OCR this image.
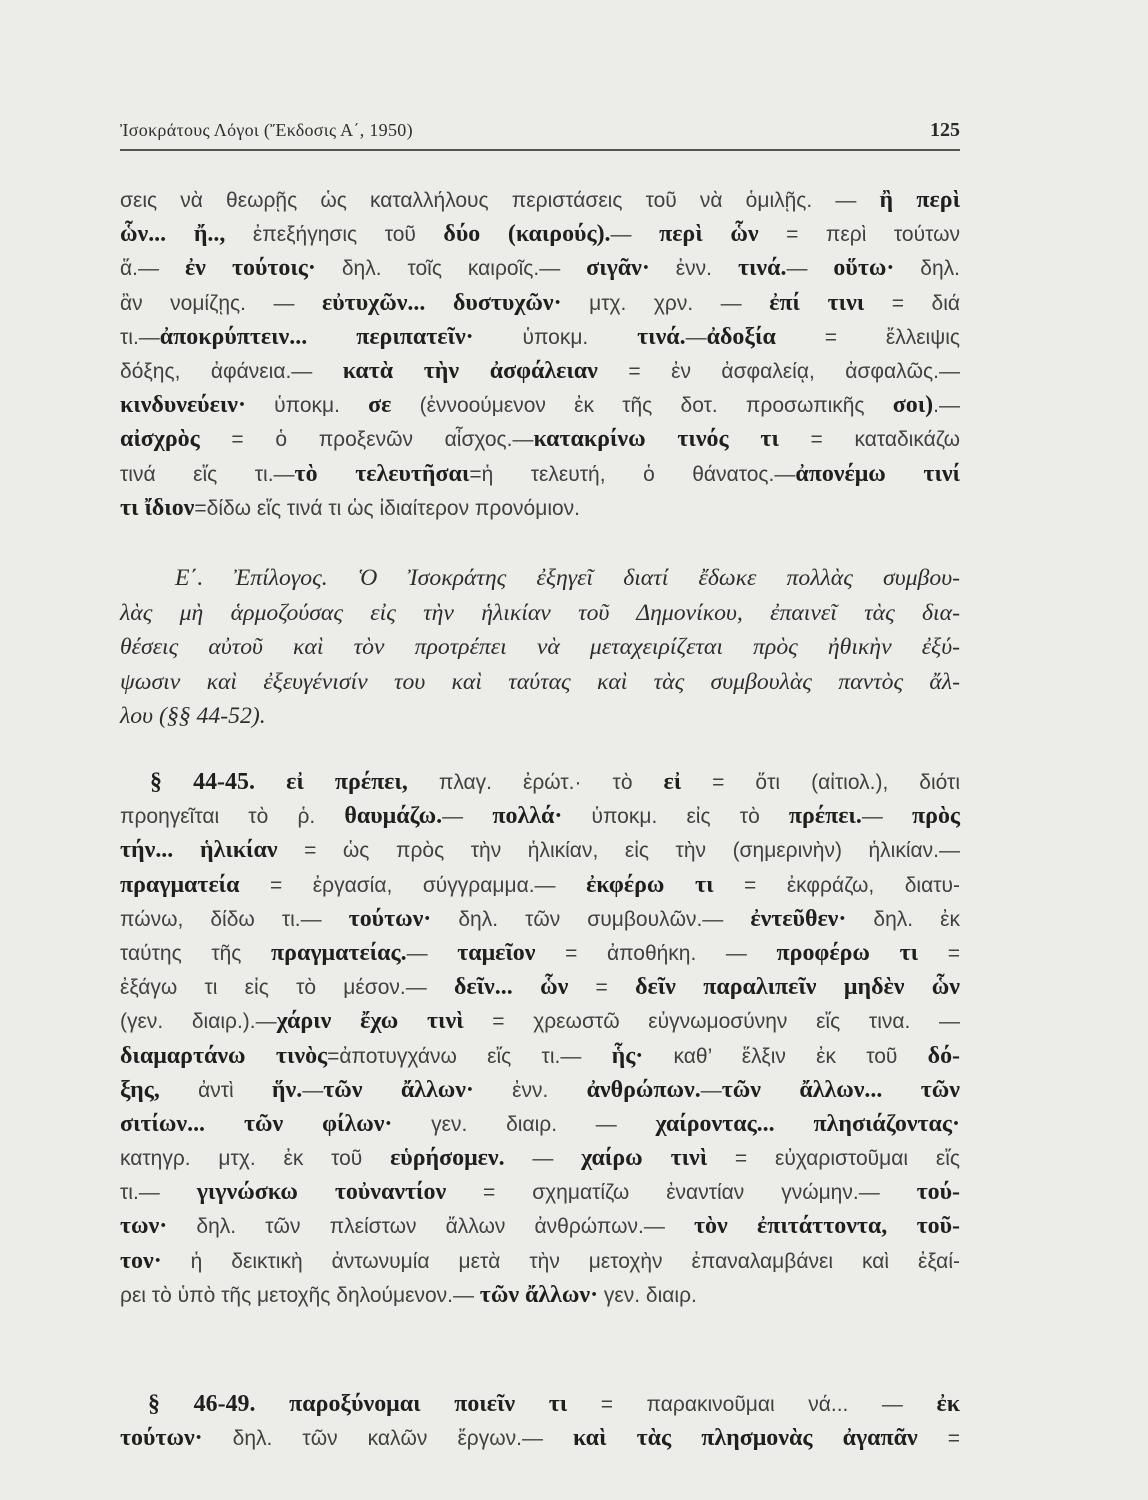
Ἰσοκράτους Λόγοι (Ἔκδοσις Α΄, 1950)	125
σεις νὰ θεωρῇς ὡς καταλλήλους περιστάσεις τοῦ νὰ ὁμιλῇς. — ἢ περὶ
ὧν... ἤ.., ἐπεξήγησις τοῦ δύο (καιρούς).— περὶ ὧν = περὶ τούτων
ἅ.— ἐν τούτοις· δηλ. τοῖς καιροῖς.— σιγᾶν· ἐνν. τινά.— οὕτω· δηλ.
ἂν νομίζῃς. — εὐτυχῶν... δυστυχῶν· μτχ. χρν. — ἐπί τινι = διά
τι.—ἀποκρύπτειν... περιπατεῖν· ὑποκμ. τινά.—ἀδοξία = ἔλλειψις
δόξης, ἀφάνεια.— κατὰ τὴν ἀσφάλειαν = ἐν ἀσφαλείᾳ, ἀσφαλῶς.—
κινδυνεύειν· ὑποκμ. σε (ἐννοούμενον ἐκ τῆς δοτ. προσωπικῆς σοι).—
αἰσχρὸς = ὁ προξενῶν αἶσχος.—κατακρίνω τινός τι = καταδικάζω
τινά εἴς τι.—τὸ τελευτῆσαι=ἡ τελευτή, ὁ θάνατος.—ἀπονέμω τινί
τι ἴδιον=δίδω εἴς τινά τι ὡς ἰδιαίτερον προνόμιον.
Ε΄. Ἐπίλογος. Ὁ Ἰσοκράτης ἐξηγεῖ διατί ἔδωκε πολλὰς συμβου-
λὰς μὴ ἁρμοζούσας εἰς τὴν ἡλικίαν τοῦ Δημονίκου, ἐπαινεῖ τὰς δια-
θέσεις αὐτοῦ καὶ τὸν προτρέπει νὰ μεταχειρίζεται πρὸς ἠθικὴν ἐξύ-
ψωσιν καὶ ἐξευγένισίν του καὶ ταύτας καὶ τὰς συμβουλὰς παντὸς ἄλ-
λου (§§ 44-52).
§ 44-45. εἰ πρέπει, πλαγ. ἐρώτ.· τὸ εἰ = ὅτι (αἰτιολ.), διότι
προηγεῖται τὸ ῥ. θαυμάζω.— πολλά· ὑποκμ. εἰς τὸ πρέπει.— πρὸς
τήν... ἡλικίαν = ὡς πρὸς τὴν ἡλικίαν, εἰς τὴν (σημερινὴν) ἡλικίαν.—
πραγματεία = ἐργασία, σύγγραμμα.— ἐκφέρω τι = ἐκφράζω, διατυ-
πώνω, δίδω τι.— τούτων· δηλ. τῶν συμβουλῶν.— ἐντεῦθεν· δηλ. ἐκ
ταύτης τῆς πραγματείας.— ταμεῖον = ἀποθήκη. — προφέρω τι =
ἐξάγω τι εἰς τὸ μέσον.— δεῖν... ὧν = δεῖν παραλιπεῖν μηδὲν ὧν
(γεν. διαιρ.).—χάριν ἔχω τινὶ = χρεωστῶ εὐγνωμοσύνην εἴς τινα. —
διαμαρτάνω τινὸς=ἀποτυγχάνω εἴς τι.— ἧς· καθ’ ἕλξιν ἐκ τοῦ δό-
ξης, ἀντὶ ἥν.—τῶν ἄλλων· ἐνν. ἀνθρώπων.—τῶν ἄλλων... τῶν
σιτίων... τῶν φίλων· γεν. διαιρ. — χαίροντας... πλησιάζοντας·
κατηγρ. μτχ. ἐκ τοῦ εὑρήσομεν. — χαίρω τινὶ = εὐχαριστοῦμαι εἴς
τι.— γιγνώσκω τοὐναντίον = σχηματίζω ἐναντίαν γνώμην.— τού-
των· δηλ. τῶν πλείστων ἄλλων ἀνθρώπων.— τὸν ἐπιτάττοντα, τοῦ-
τον· ἡ δεικτικὴ ἀντωνυμία μετὰ τὴν μετοχὴν ἐπαναλαμβάνει καὶ ἐξαί-
ρει τὸ ὑπὸ τῆς μετοχῆς δηλούμενον.— τῶν ἄλλων· γεν. διαιρ.
§ 46-49. παροξύνομαι ποιεῖν τι = παρακινοῦμαι νά... — ἐκ
τούτων· δηλ. τῶν καλῶν ἔργων.— καὶ τὰς πλησμονὰς ἀγαπᾶν =
